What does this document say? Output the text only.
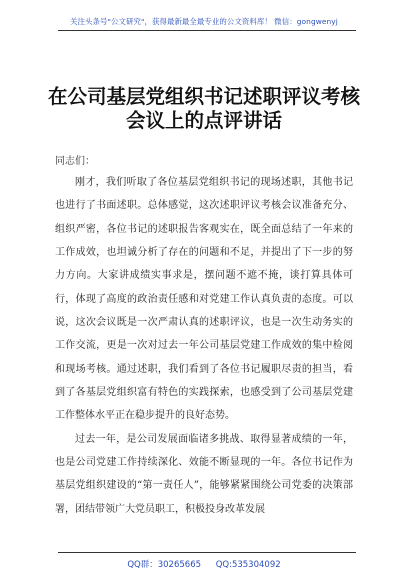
关注头条号"公文研究"，获得最新最全最专业的公文资料库！ 微信：gongwenyj
在公司基层党组织书记述职评议考核
会议上的点评讲话
同志们：

刚才，我们听取了各位基层党组织书记的现场述职，其他书记也进行了书面述职。总体感觉，这次述职评议考核会议准备充分、组织严密，各位书记的述职报告客观实在，既全面总结了一年来的工作成效，也坦诚分析了存在的问题和不足，并提出了下一步的努力方向。大家讲成绩实事求是，摆问题不遮不掩，谈打算具体可行，体现了高度的政治责任感和对党建工作认真负责的态度。可以说，这次会议既是一次严肃认真的述职评议，也是一次生动务实的工作交流，更是一次对过去一年公司基层党建工作成效的集中检阅和现场考核。通过述职，我们看到了各位书记履职尽责的担当，看到了各基层党组织富有特色的实践探索，也感受到了公司基层党建工作整体水平正在稳步提升的良好态势。

过去一年，是公司发展面临诸多挑战、取得显著成绩的一年，也是公司党建工作持续深化、效能不断显现的一年。各位书记作为基层党组织建设的“第一责任人”，能够紧紧围绕公司党委的决策部署，团结带领广大党员职工，积极投身改革发展

QQ群：30265665 QQ:535304092
